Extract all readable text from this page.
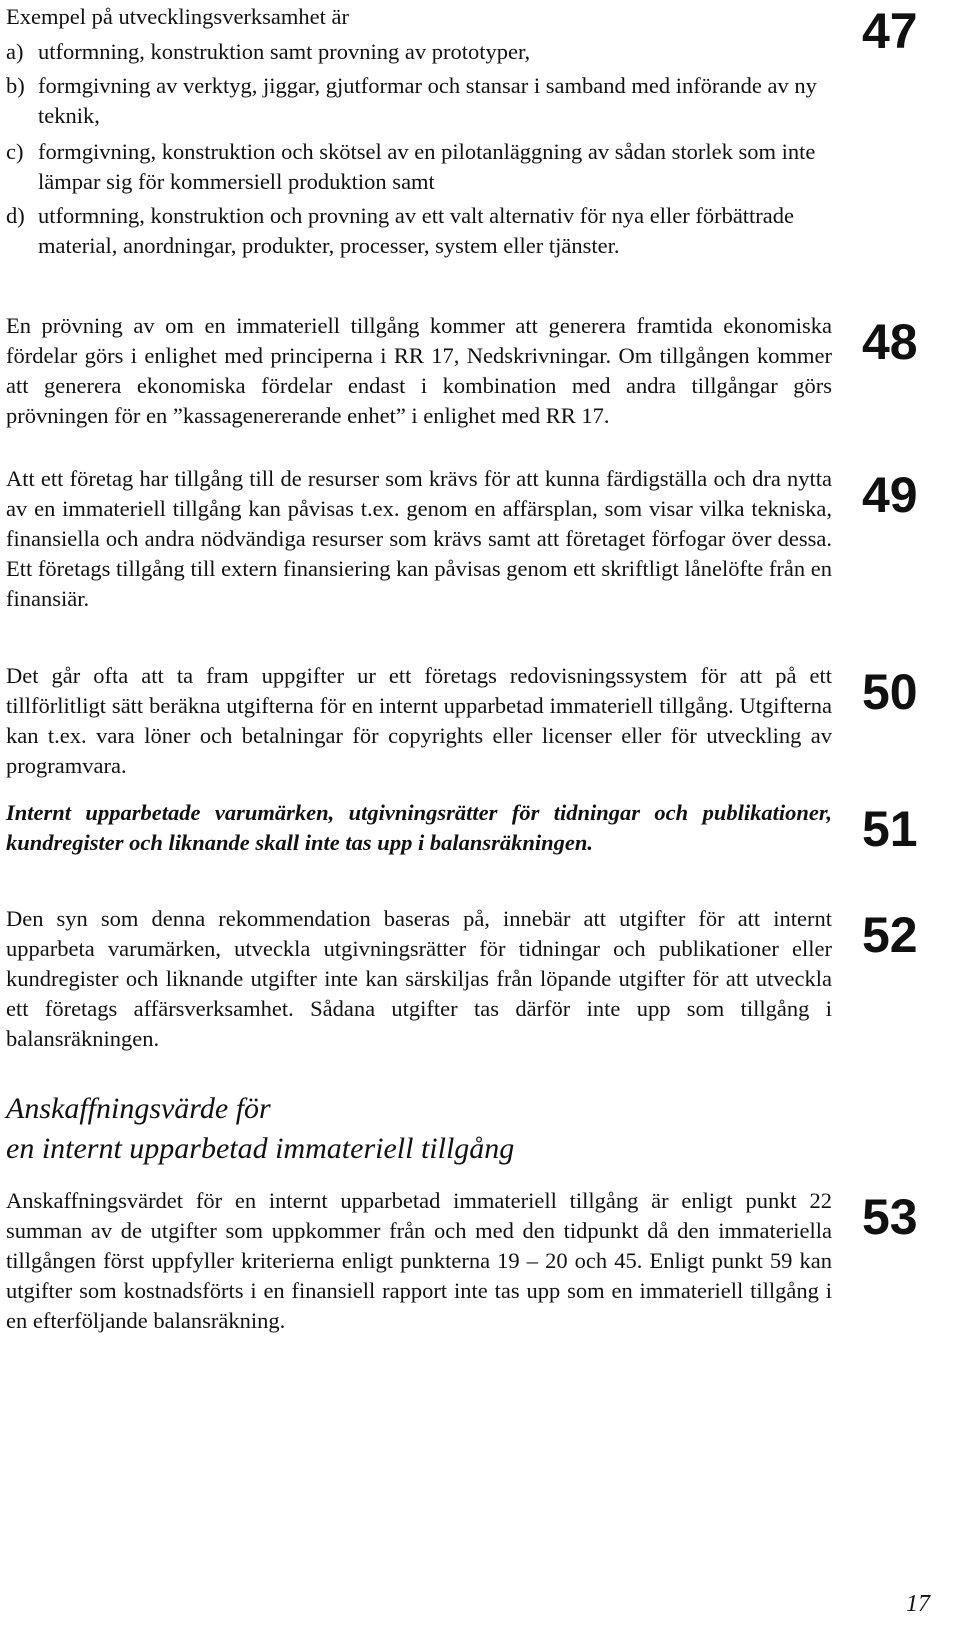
Exempel på utvecklingsverksamhet är

a) utformning, konstruktion samt provning av prototyper,
b) formgivning av verktyg, jiggar, gjutformar och stansar i samband med införande av ny teknik,
c) formgivning, konstruktion och skötsel av en pilotanläggning av sådan storlek som inte lämpar sig för kommersiell produktion samt
d) utformning, konstruktion och provning av ett valt alternativ för nya eller förbättrade material, anordningar, produkter, processer, system eller tjänster.

En prövning av om en immateriell tillgång kommer att generera framtida ekonomiska fördelar görs i enlighet med principerna i RR 17, Nedskrivningar. Om tillgången kommer att generera ekonomiska fördelar endast i kombination med andra tillgångar görs prövningen för en ”kassagenererande enhet” i enlighet med RR 17.

Att ett företag har tillgång till de resurser som krävs för att kunna färdigställa och dra nytta av en immateriell tillgång kan påvisas t.ex. genom en affärsplan, som visar vilka tekniska, finansiella och andra nödvändiga resurser som krävs samt att företaget förfogar över dessa. Ett företags tillgång till extern finansiering kan påvisas genom ett skriftligt lånelöfte från en finansiär.

Det går ofta att ta fram uppgifter ur ett företags redovisningssystem för att på ett tillförlitligt sätt beräkna utgifterna för en internt upparbetad immateriell tillgång. Utgifterna kan t.ex. vara löner och betalningar för copyrights eller licenser eller för utveckling av programvara.

Internt upparbetade varumärken, utgivningsrätter för tidningar och publikationer, kundregister och liknande skall inte tas upp i balansräkningen.

Den syn som denna rekommendation baseras på, innebär att utgifter för att internt upparbeta varumärken, utveckla utgivningsrätter för tidningar och publikationer eller kundregister och liknande utgifter inte kan särskiljas från löpande utgifter för att utveckla ett företags affärsverksamhet. Sådana utgifter tas därför inte upp som tillgång i balansräkningen.

Anskaffningsvärde för
en internt upparbetad immateriell tillgång

Anskaffningsvärdet för en internt upparbetad immateriell tillgång är enligt punkt 22 summan av de utgifter som uppkommer från och med den tidpunkt då den immateriella tillgången först uppfyller kriterierna enligt punkterna 19 – 20 och 45. Enligt punkt 59 kan utgifter som kostnadsförts i en finansiell rapport inte tas upp som en immateriell tillgång i en efterföljande balansräkning.

47
48
49
50
51
52
53
17
